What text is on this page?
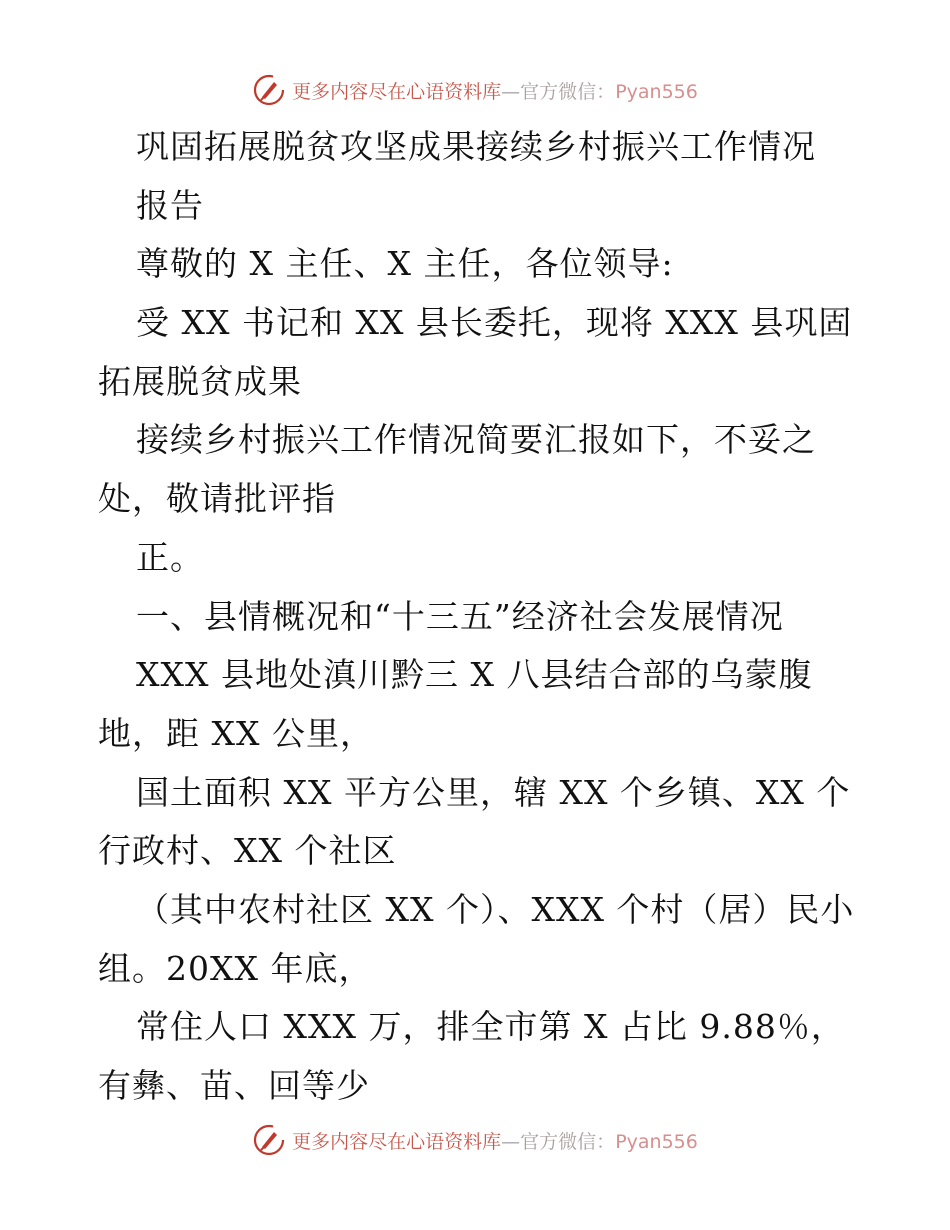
更多内容尽在心语资料库—官方微信：Pyan556
巩固拓展脱贫攻坚成果接续乡村振兴工作情况
报告
尊敬的 X 主任、X 主任，各位领导:
受 XX 书记和 XX 县长委托，现将 XXX 县巩固
拓展脱贫成果
接续乡村振兴工作情况简要汇报如下，不妥之
处，敬请批评指
正。
一、县情概况和“十三五”经济社会发展情况
XXX 县地处滇川黔三 X 八县结合部的乌蒙腹
地，距 XX 公里，
国土面积 XX 平方公里，辖 XX 个乡镇、XX 个
行政村、XX 个社区
（其中农村社区 XX 个）、XXX 个村（居）民小
组。20XX 年底，
常住人口 XXX 万，排全市第 X 占比 9.88％，
有彝、苗、回等少
更多内容尽在心语资料库—官方微信：Pyan556
